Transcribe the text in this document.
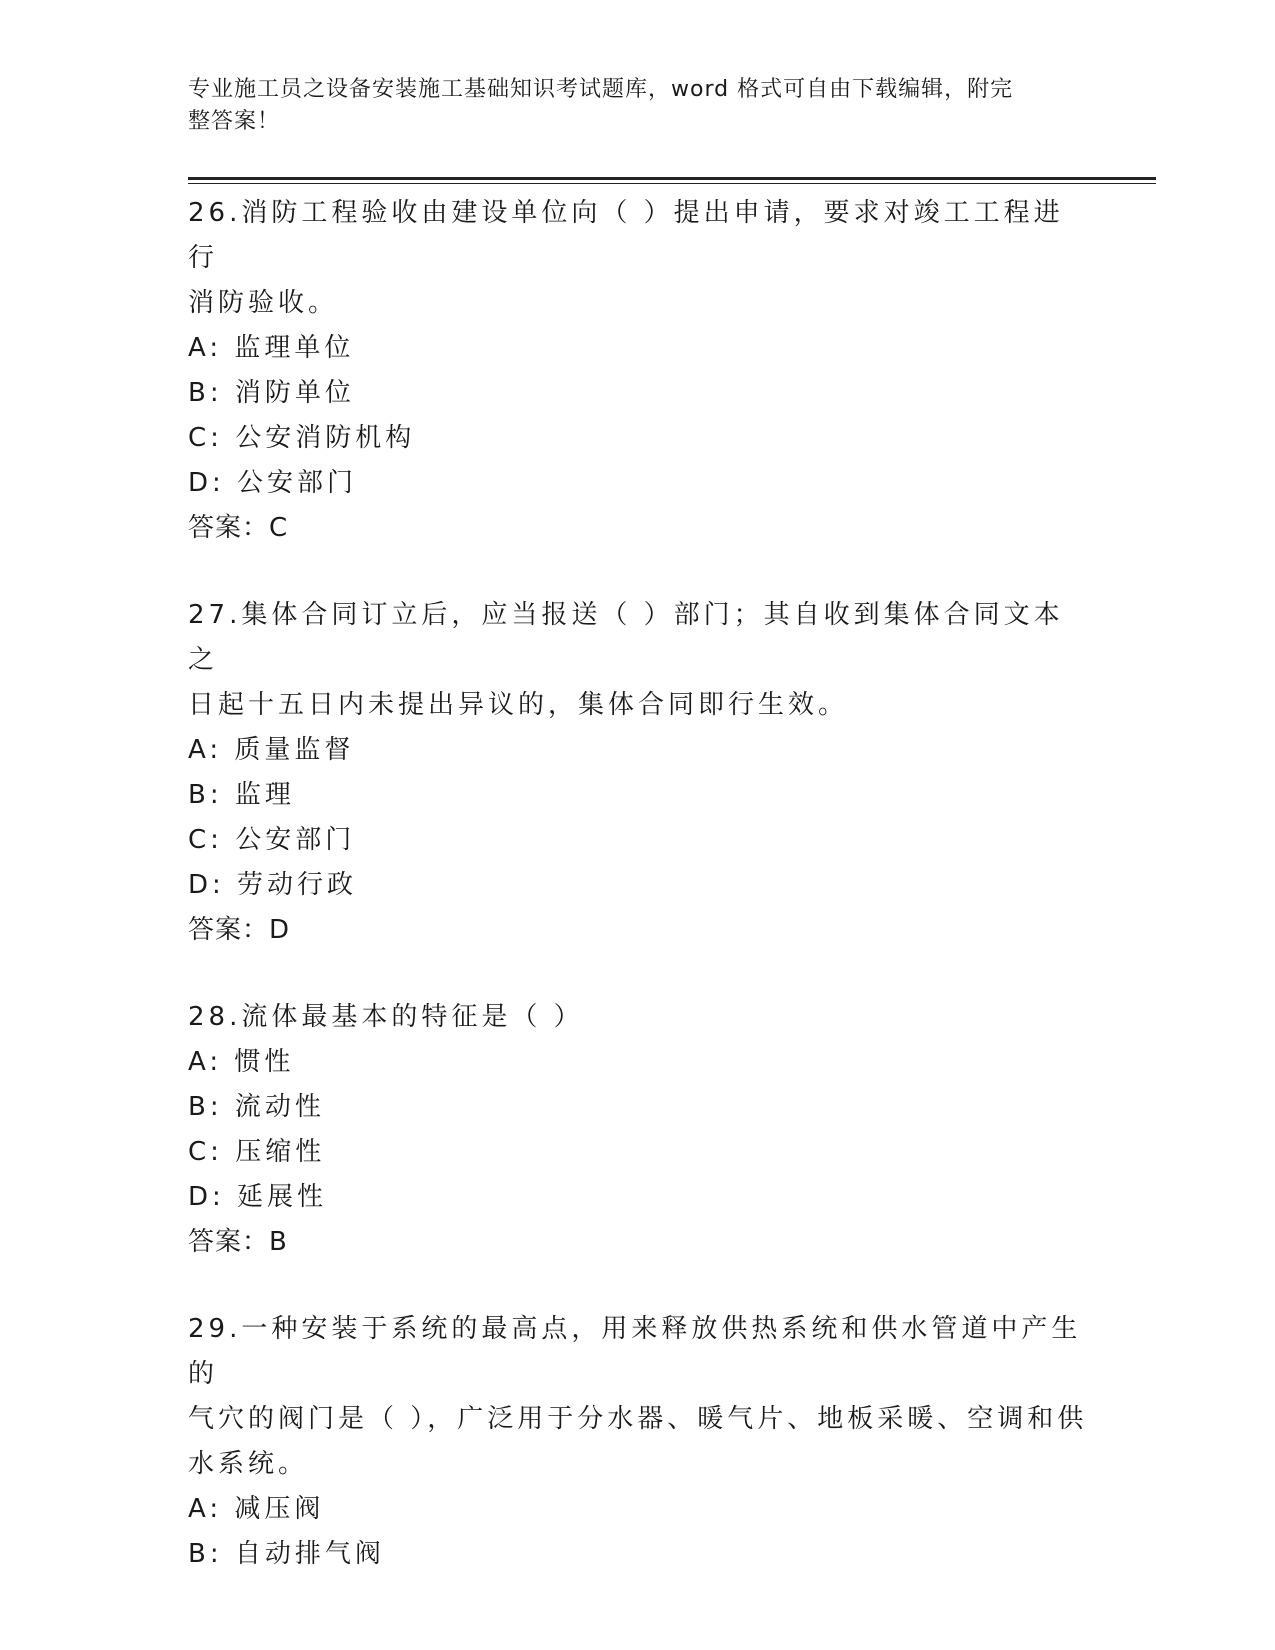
专业施工员之设备安装施工基础知识考试题库，word 格式可自由下载编辑，附完
整答案！
26.消防工程验收由建设单位向（ ）提出申请，要求对竣工工程进行
消防验收。
A: 监理单位
B: 消防单位
C: 公安消防机构
D: 公安部门
答案：C
27.集体合同订立后，应当报送（ ）部门；其自收到集体合同文本之
日起十五日内未提出异议的，集体合同即行生效。
A: 质量监督
B: 监理
C: 公安部门
D: 劳动行政
答案：D
28.流体最基本的特征是（ ）
A: 惯性
B: 流动性
C: 压缩性
D: 延展性
答案：B
29.一种安装于系统的最高点，用来释放供热系统和供水管道中产生的
气穴的阀门是（ ），广泛用于分水器、暖气片、地板采暖、空调和供
水系统。
A: 减压阀
B: 自动排气阀
